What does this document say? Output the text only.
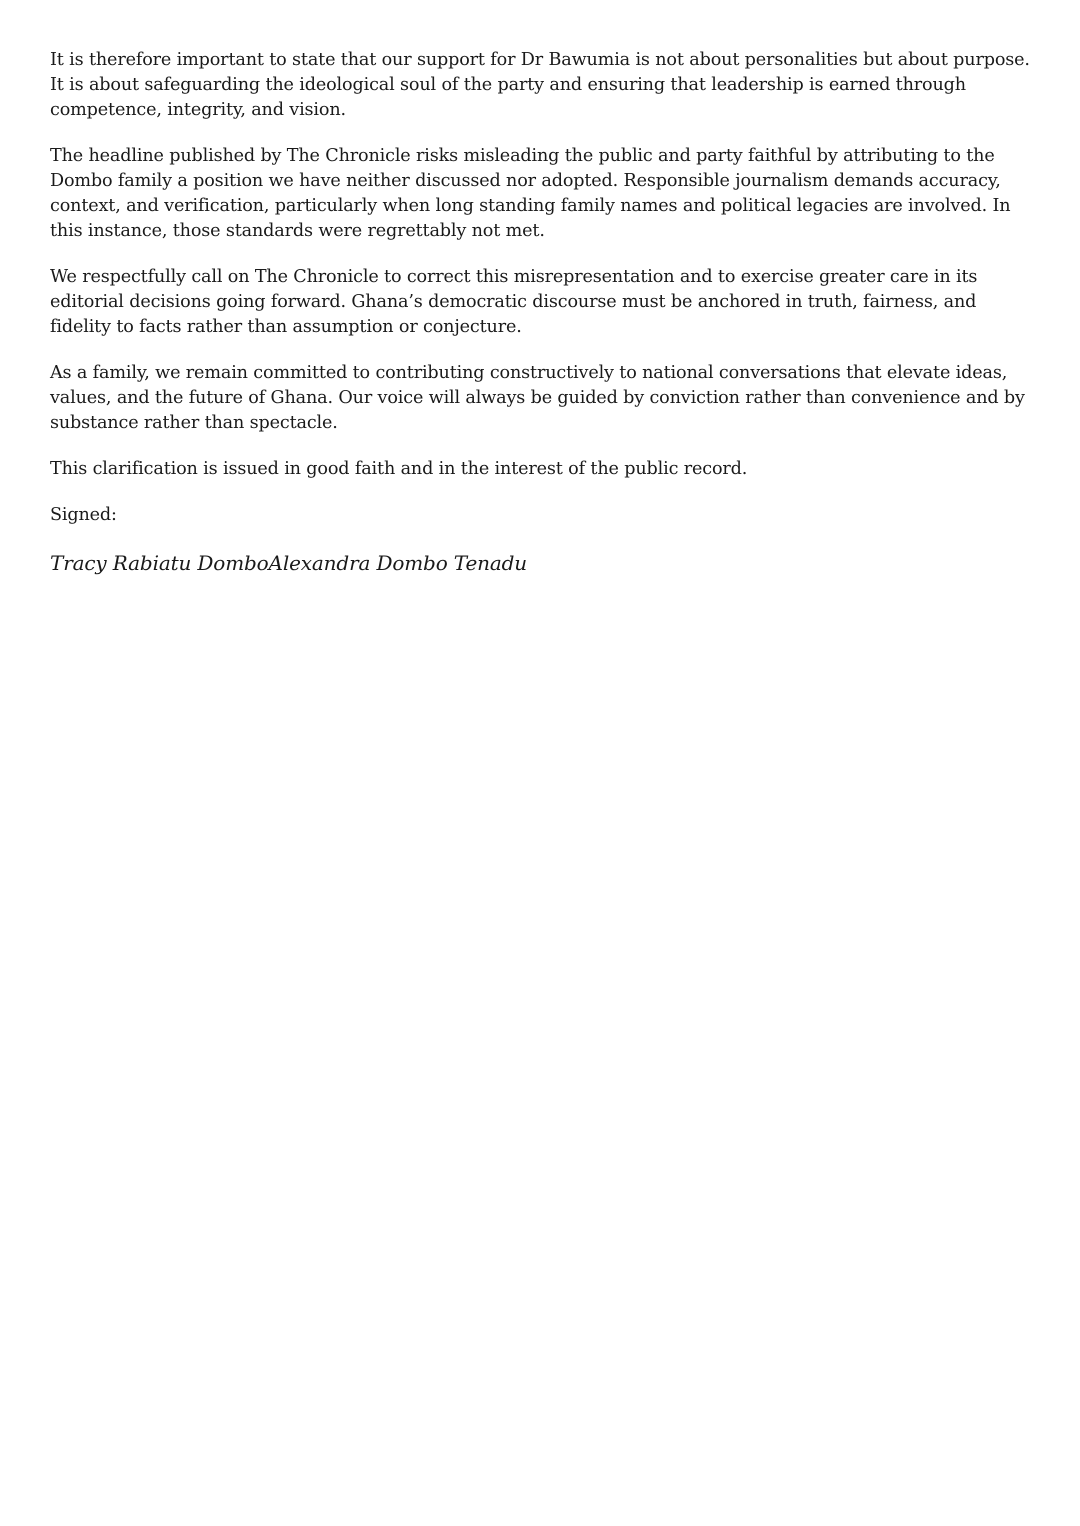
It is therefore important to state that our support for Dr Bawumia is not about personalities but about purpose. It is about safeguarding the ideological soul of the party and ensuring that leadership is earned through competence, integrity, and vision.

The headline published by The Chronicle risks misleading the public and party faithful by attributing to the Dombo family a position we have neither discussed nor adopted. Responsible journalism demands accuracy, context, and verification, particularly when long standing family names and political legacies are involved. In this instance, those standards were regrettably not met.

We respectfully call on The Chronicle to correct this misrepresentation and to exercise greater care in its editorial decisions going forward. Ghana’s democratic discourse must be anchored in truth, fairness, and fidelity to facts rather than assumption or conjecture.

As a family, we remain committed to contributing constructively to national conversations that elevate ideas, values, and the future of Ghana. Our voice will always be guided by conviction rather than convenience and by substance rather than spectacle.

This clarification is issued in good faith and in the interest of the public record.

Signed:

Tracy Rabiatu DomboAlexandra Dombo Tenadu
